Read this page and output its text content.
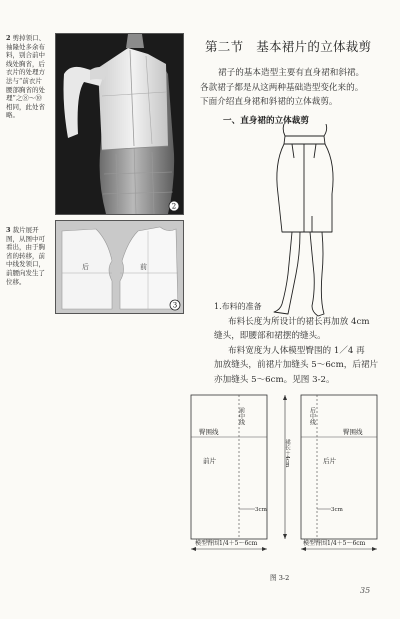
2 剪掉领口、
袖隆处多余布
料，别合前中
线处胸省，后
衣片的处理方
法与“前衣片
腰部胸省的处
理”之⑧～⑩
相同，此处省
略。
2
3 裁片展开
图，从图中可
看出，由于胸
省的转移，前
中线发领口，
前腰向发生了
位移。
后	前
3
第二节　基本裙片的立体裁剪
裙子的基本造型主要有直身裙和斜裙。
各款裙子都是从这两种基础造型变化来的。
下面介绍直身裙和斜裙的立体裁剪。
一、直身裙的立体裁剪
1.布料的准备
布料长度为所设计的裙长再加放 4cm
缝头，即腰部和裙摆的缝头。
布料宽度为人体模型臀围的 1／4 再
加放缝头，前裙片加缝头 5～6cm，后裙片
亦加缝头 5～6cm。见图 3-2。
前中线	后中线
臀围线	臀围线
前片	后片
裙长＋4cm
3cm	3cm
模型臀围1/4＋5～6cm	模型臀围1/4＋5～6cm
图 3-2
35
